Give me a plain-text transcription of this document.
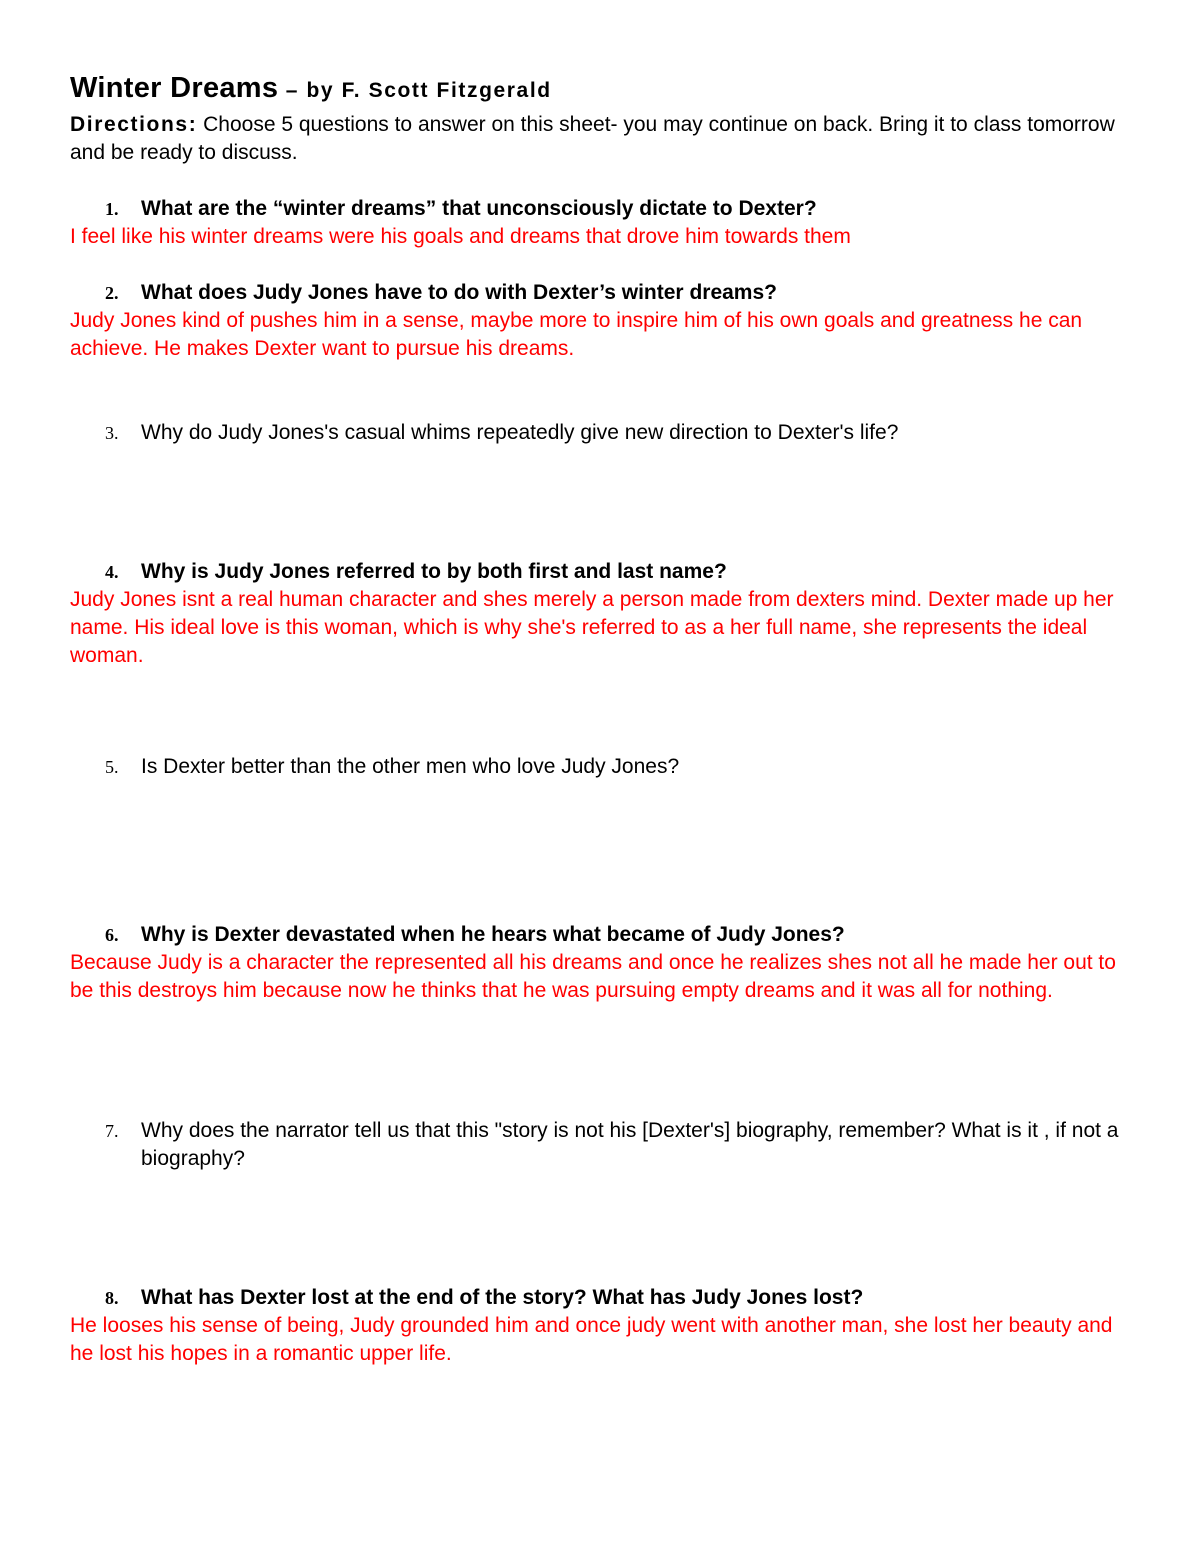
Winter Dreams – by F. Scott Fitzgerald
Directions: Choose 5 questions to answer on this sheet- you may continue on back. Bring it to class tomorrow and be ready to discuss.
1. What are the “winter dreams” that unconsciously dictate to Dexter?
I feel like his winter dreams were his goals and dreams that drove him towards them
2. What does Judy Jones have to do with Dexter’s winter dreams?
Judy Jones kind of pushes him in a sense, maybe more to inspire him of his own goals and greatness he can achieve. He makes Dexter want to pursue his dreams.
3. Why do Judy Jones's casual whims repeatedly give new direction to Dexter's life?
4. Why is Judy Jones referred to by both first and last name?
Judy Jones isnt a real human character and shes merely a person made from dexters mind. Dexter made up her name. His ideal love is this woman, which is why she's referred to as a her full name, she represents the ideal woman.
5. Is Dexter better than the other men who love Judy Jones?
6. Why is Dexter devastated when he hears what became of Judy Jones?
Because Judy is a character the represented all his dreams and once he realizes shes not all he made her out to be this destroys him because now he thinks that he was pursuing empty dreams and it was all for nothing.
7. Why does the narrator tell us that this "story is not his [Dexter's] biography, remember? What is it , if not a biography?
8. What has Dexter lost at the end of the story? What has Judy Jones lost?
He looses his sense of being, Judy grounded him and once judy went with another man, she lost her beauty and he lost his hopes in a romantic upper life.
